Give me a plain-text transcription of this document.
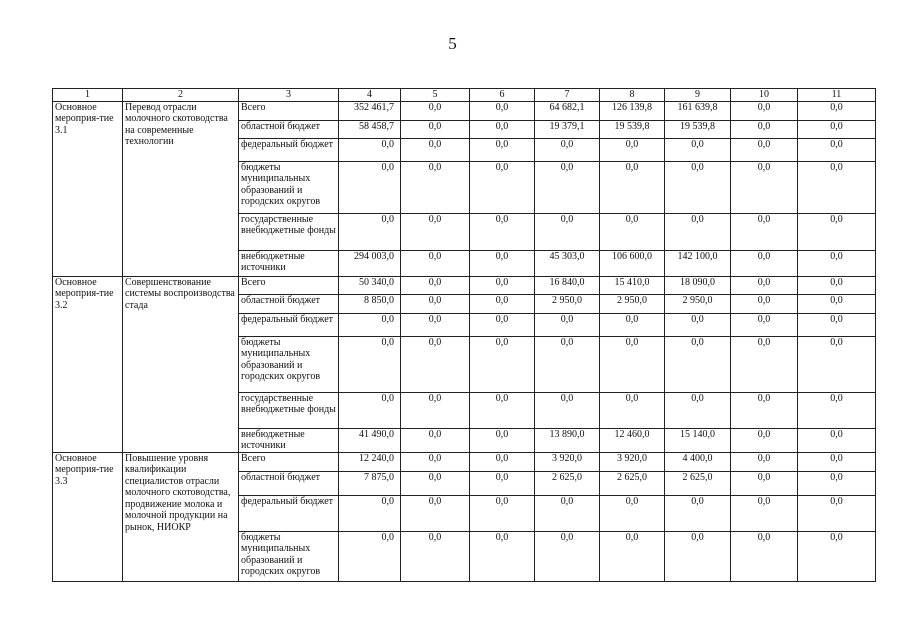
5
1	2	3	4	5	6	7	8	9	10	11
Основное мероприя-тие 3.1	Перевод отрасли молочного скотоводства на современные технологии	Всего	352 461,7	0,0	0,0	64 682,1	126 139,8	161 639,8	0,0	0,0
		областной бюджет	58 458,7	0,0	0,0	19 379,1	19 539,8	19 539,8	0,0	0,0
		федеральный бюджет	0,0	0,0	0,0	0,0	0,0	0,0	0,0	0,0
		бюджеты муниципальных образований и городских округов	0,0	0,0	0,0	0,0	0,0	0,0	0,0	0,0
		государственные внебюджетные фонды	0,0	0,0	0,0	0,0	0,0	0,0	0,0	0,0
		внебюджетные источники	294 003,0	0,0	0,0	45 303,0	106 600,0	142 100,0	0,0	0,0
Основное мероприя-тие 3.2	Совершенствование системы воспроизводства стада	Всего	50 340,0	0,0	0,0	16 840,0	15 410,0	18 090,0	0,0	0,0
		областной бюджет	8 850,0	0,0	0,0	2 950,0	2 950,0	2 950,0	0,0	0,0
		федеральный бюджет	0,0	0,0	0,0	0,0	0,0	0,0	0,0	0,0
		бюджеты муниципальных образований и городских округов	0,0	0,0	0,0	0,0	0,0	0,0	0,0	0,0
		государственные внебюджетные фонды	0,0	0,0	0,0	0,0	0,0	0,0	0,0	0,0
		внебюджетные источники	41 490,0	0,0	0,0	13 890,0	12 460,0	15 140,0	0,0	0,0
Основное мероприя-тие 3.3	Повышение уровня квалификации специалистов отрасли молочного скотоводства, продвижение молока и молочной продукции на рынок, НИОКР	Всего	12 240,0	0,0	0,0	3 920,0	3 920,0	4 400,0	0,0	0,0
		областной бюджет	7 875,0	0,0	0,0	2 625,0	2 625,0	2 625,0	0,0	0,0
		федеральный бюджет	0,0	0,0	0,0	0,0	0,0	0,0	0,0	0,0
		бюджеты муниципальных образований и городских округов	0,0	0,0	0,0	0,0	0,0	0,0	0,0	0,0
